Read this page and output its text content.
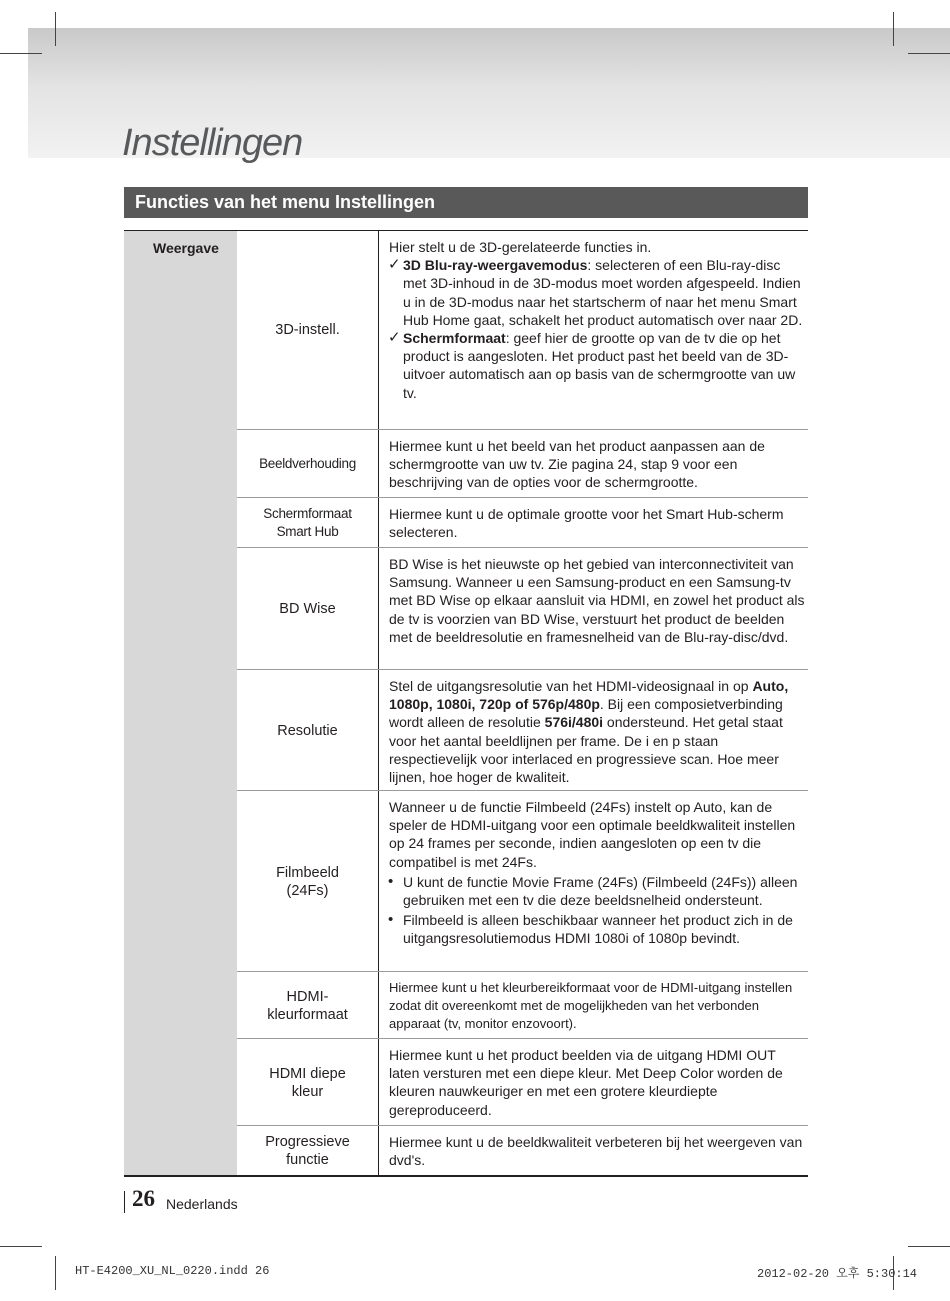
Instellingen
Functies van het menu Instellingen
Weergave
3D-instell.

Hier stelt u de 3D-gerelateerde functies in.

✓ 3D Blu-ray-weergavemodus: selecteren of een Blu-ray-disc met 3D-inhoud in de 3D-modus moet worden afgespeeld. Indien u in de 3D-modus naar het startscherm of naar het menu Smart Hub Home gaat, schakelt het product automatisch over naar 2D.
✓ Schermformaat: geef hier de grootte op van de tv die op het product is aangesloten. Het product past het beeld van de 3D-uitvoer automatisch aan op basis van de schermgrootte van uw tv.
Beeldverhouding

Hiermee kunt u het beeld van het product aanpassen aan de schermgrootte van uw tv. Zie pagina 24, stap 9 voor een beschrijving van de opties voor de schermgrootte.

Schermformaat
Smart Hub

Hiermee kunt u de optimale grootte voor het Smart Hub-scherm selecteren.

BD Wise

BD Wise is het nieuwste op het gebied van interconnectiviteit van Samsung. Wanneer u een Samsung-product en een Samsung-tv met BD Wise op elkaar aansluit via HDMI, en zowel het product als de tv is voorzien van BD Wise, verstuurt het product de beelden met de beeldresolutie en framesnelheid van de Blu-ray-disc/dvd.

Resolutie

Stel de uitgangsresolutie van het HDMI-videosignaal in op Auto, 1080p, 1080i, 720p of 576p/480p. Bij een composietverbinding wordt alleen de resolutie 576i/480i ondersteund. Het getal staat voor het aantal beeldlijnen per frame. De i en p staan respectievelijk voor interlaced en progressieve scan. Hoe meer lijnen, hoe hoger de kwaliteit.

Filmbeeld
(24Fs)

Wanneer u de functie Filmbeeld (24Fs) instelt op Auto, kan de speler de HDMI-uitgang voor een optimale beeldkwaliteit instellen op 24 frames per seconde, indien aangesloten op een tv die compatibel is met 24Fs.

• U kunt de functie Movie Frame (24Fs) (Filmbeeld (24Fs)) alleen gebruiken met een tv die deze beeldsnelheid ondersteunt.
• Filmbeeld is alleen beschikbaar wanneer het product zich in de uitgangsresolutiemodus HDMI 1080i of 1080p bevindt.
HDMI-
kleurformaat

Hiermee kunt u het kleurbereikformaat voor de HDMI-uitgang instellen zodat dit overeenkomt met de mogelijkheden van het verbonden apparaat (tv, monitor enzovoort).

HDMI diepe
kleur

Hiermee kunt u het product beelden via de uitgang HDMI OUT laten versturen met een diepe kleur. Met Deep Color worden de kleuren nauwkeuriger en met een grotere kleurdiepte gereproduceerd.

Progressieve
functie

Hiermee kunt u de beeldkwaliteit verbeteren bij het weergeven van dvd's.

26 Nederlands
HT-E4200_XU_NL_0220.indd 26	2012-02-20 오후 5:30:14
